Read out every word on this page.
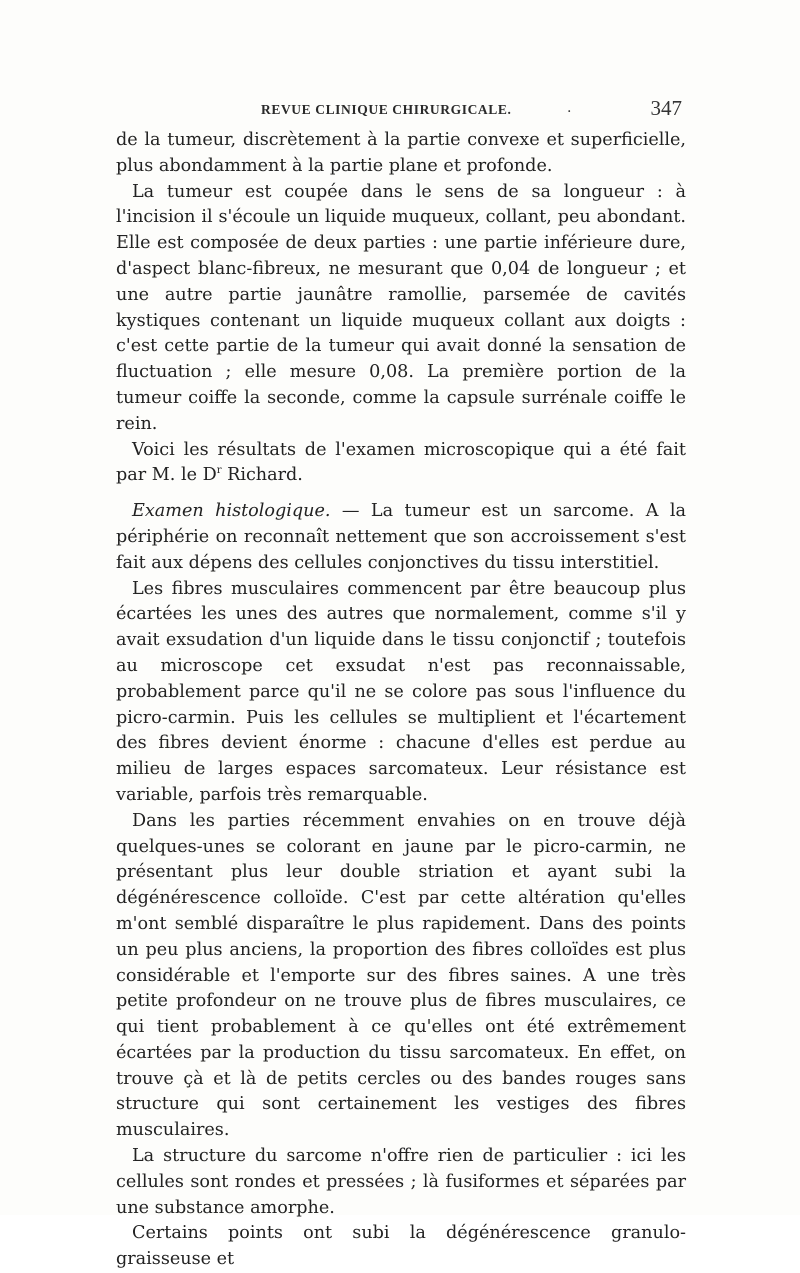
REVUE CLINIQUE CHIRURGICALE.	.	347

de la tumeur, discrètement à la partie convexe et superficielle, plus abondamment à la partie plane et profonde.

La tumeur est coupée dans le sens de sa longueur : à l'incision il s'écoule un liquide muqueux, collant, peu abondant. Elle est composée de deux parties : une partie inférieure dure, d'aspect blanc-fibreux, ne mesurant que 0,04 de longueur ; et une autre partie jaunâtre ramollie, parsemée de cavités kystiques contenant un liquide muqueux collant aux doigts : c'est cette partie de la tumeur qui avait donné la sensation de fluctuation ; elle mesure 0,08. La première portion de la tumeur coiffe la seconde, comme la capsule surrénale coiffe le rein.

Voici les résultats de l'examen microscopique qui a été fait par M. le $D^r$ Richard.

Examen histologique. — La tumeur est un sarcome. A la périphérie on reconnaît nettement que son accroissement s'est fait aux dépens des cellules conjonctives du tissu interstitiel.

Les fibres musculaires commencent par être beaucoup plus écartées les unes des autres que normalement, comme s'il y avait exsudation d'un liquide dans le tissu conjonctif ; toutefois au microscope cet exsudat n'est pas reconnaissable, probablement parce qu'il ne se colore pas sous l'influence du picro-carmin. Puis les cellules se multiplient et l'écartement des fibres devient énorme : chacune d'elles est perdue au milieu de larges espaces sarcomateux. Leur résistance est variable, parfois très remarquable.

Dans les parties récemment envahies on en trouve déjà quelques-unes se colorant en jaune par le picro-carmin, ne présentant plus leur double striation et ayant subi la dégénérescence colloïde. C'est par cette altération qu'elles m'ont semblé disparaître le plus rapidement. Dans des points un peu plus anciens, la proportion des fibres colloïdes est plus considérable et l'emporte sur des fibres saines. A une très petite profondeur on ne trouve plus de fibres musculaires, ce qui tient probablement à ce qu'elles ont été extrêmement écartées par la production du tissu sarcomateux. En effet, on trouve çà et là de petits cercles ou des bandes rouges sans structure qui sont certainement les vestiges des fibres musculaires.

La structure du sarcome n'offre rien de particulier : ici les cellules sont rondes et pressées ; là fusiformes et séparées par une substance amorphe.

Certains points ont subi la dégénérescence granulo-graisseuse et
